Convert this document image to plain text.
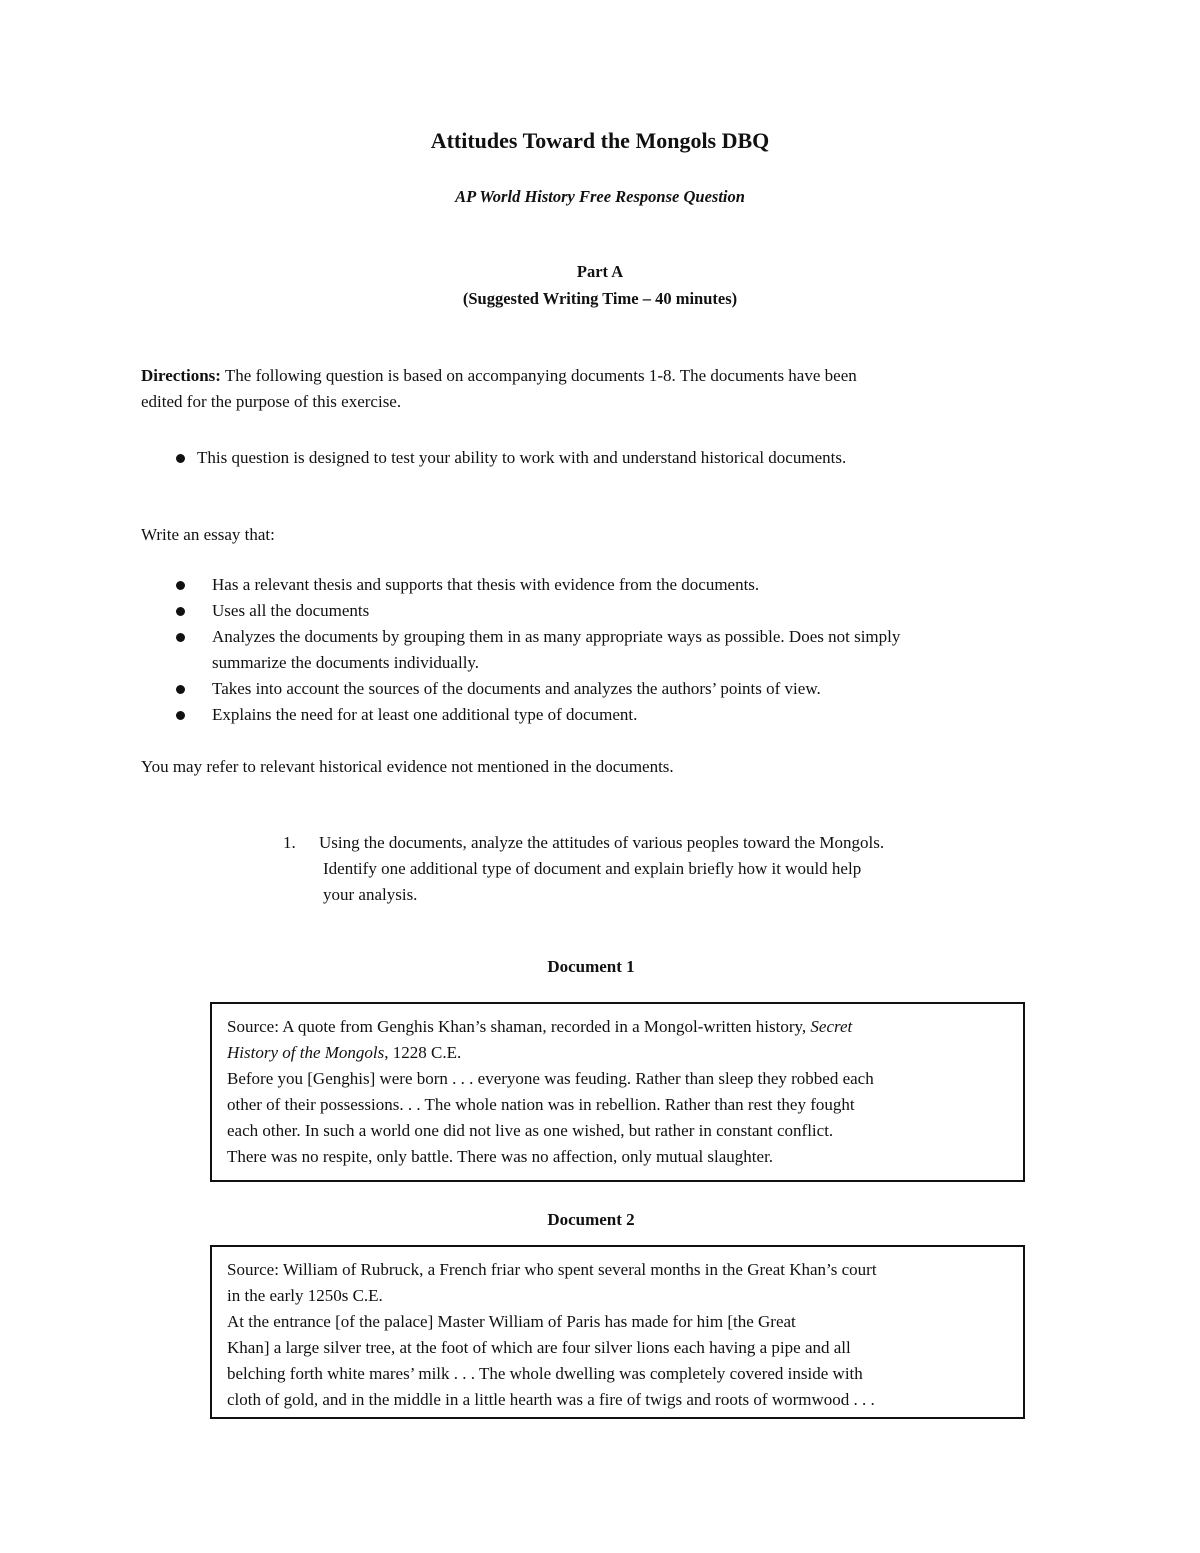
Attitudes Toward the Mongols DBQ
AP World History Free Response Question
Part A
(Suggested Writing Time – 40 minutes)
Directions: The following question is based on accompanying documents 1-8. The documents have been
edited for the purpose of this exercise.
This question is designed to test your ability to work with and understand historical documents.
Write an essay that:
Has a relevant thesis and supports that thesis with evidence from the documents.
Uses all the documents
Analyzes the documents by grouping them in as many appropriate ways as possible. Does not simply
summarize the documents individually.
Takes into account the sources of the documents and analyzes the authors’ points of view.
Explains the need for at least one additional type of document.
You may refer to relevant historical evidence not mentioned in the documents.
1. Using the documents, analyze the attitudes of various peoples toward the Mongols.
Identify one additional type of document and explain briefly how it would help
your analysis.
Document 1
Source: A quote from Genghis Khan’s shaman, recorded in a Mongol-written history, Secret
History of the Mongols, 1228 C.E.
Before you [Genghis] were born . . . everyone was feuding. Rather than sleep they robbed each
other of their possessions. . . The whole nation was in rebellion. Rather than rest they fought
each other. In such a world one did not live as one wished, but rather in constant conflict.
There was no respite, only battle. There was no affection, only mutual slaughter.
Document 2
Source: William of Rubruck, a French friar who spent several months in the Great Khan’s court
in the early 1250s C.E.
At the entrance [of the palace] Master William of Paris has made for him [the Great
Khan] a large silver tree, at the foot of which are four silver lions each having a pipe and all
belching forth white mares’ milk . . . The whole dwelling was completely covered inside with
cloth of gold, and in the middle in a little hearth was a fire of twigs and roots of wormwood . . .
